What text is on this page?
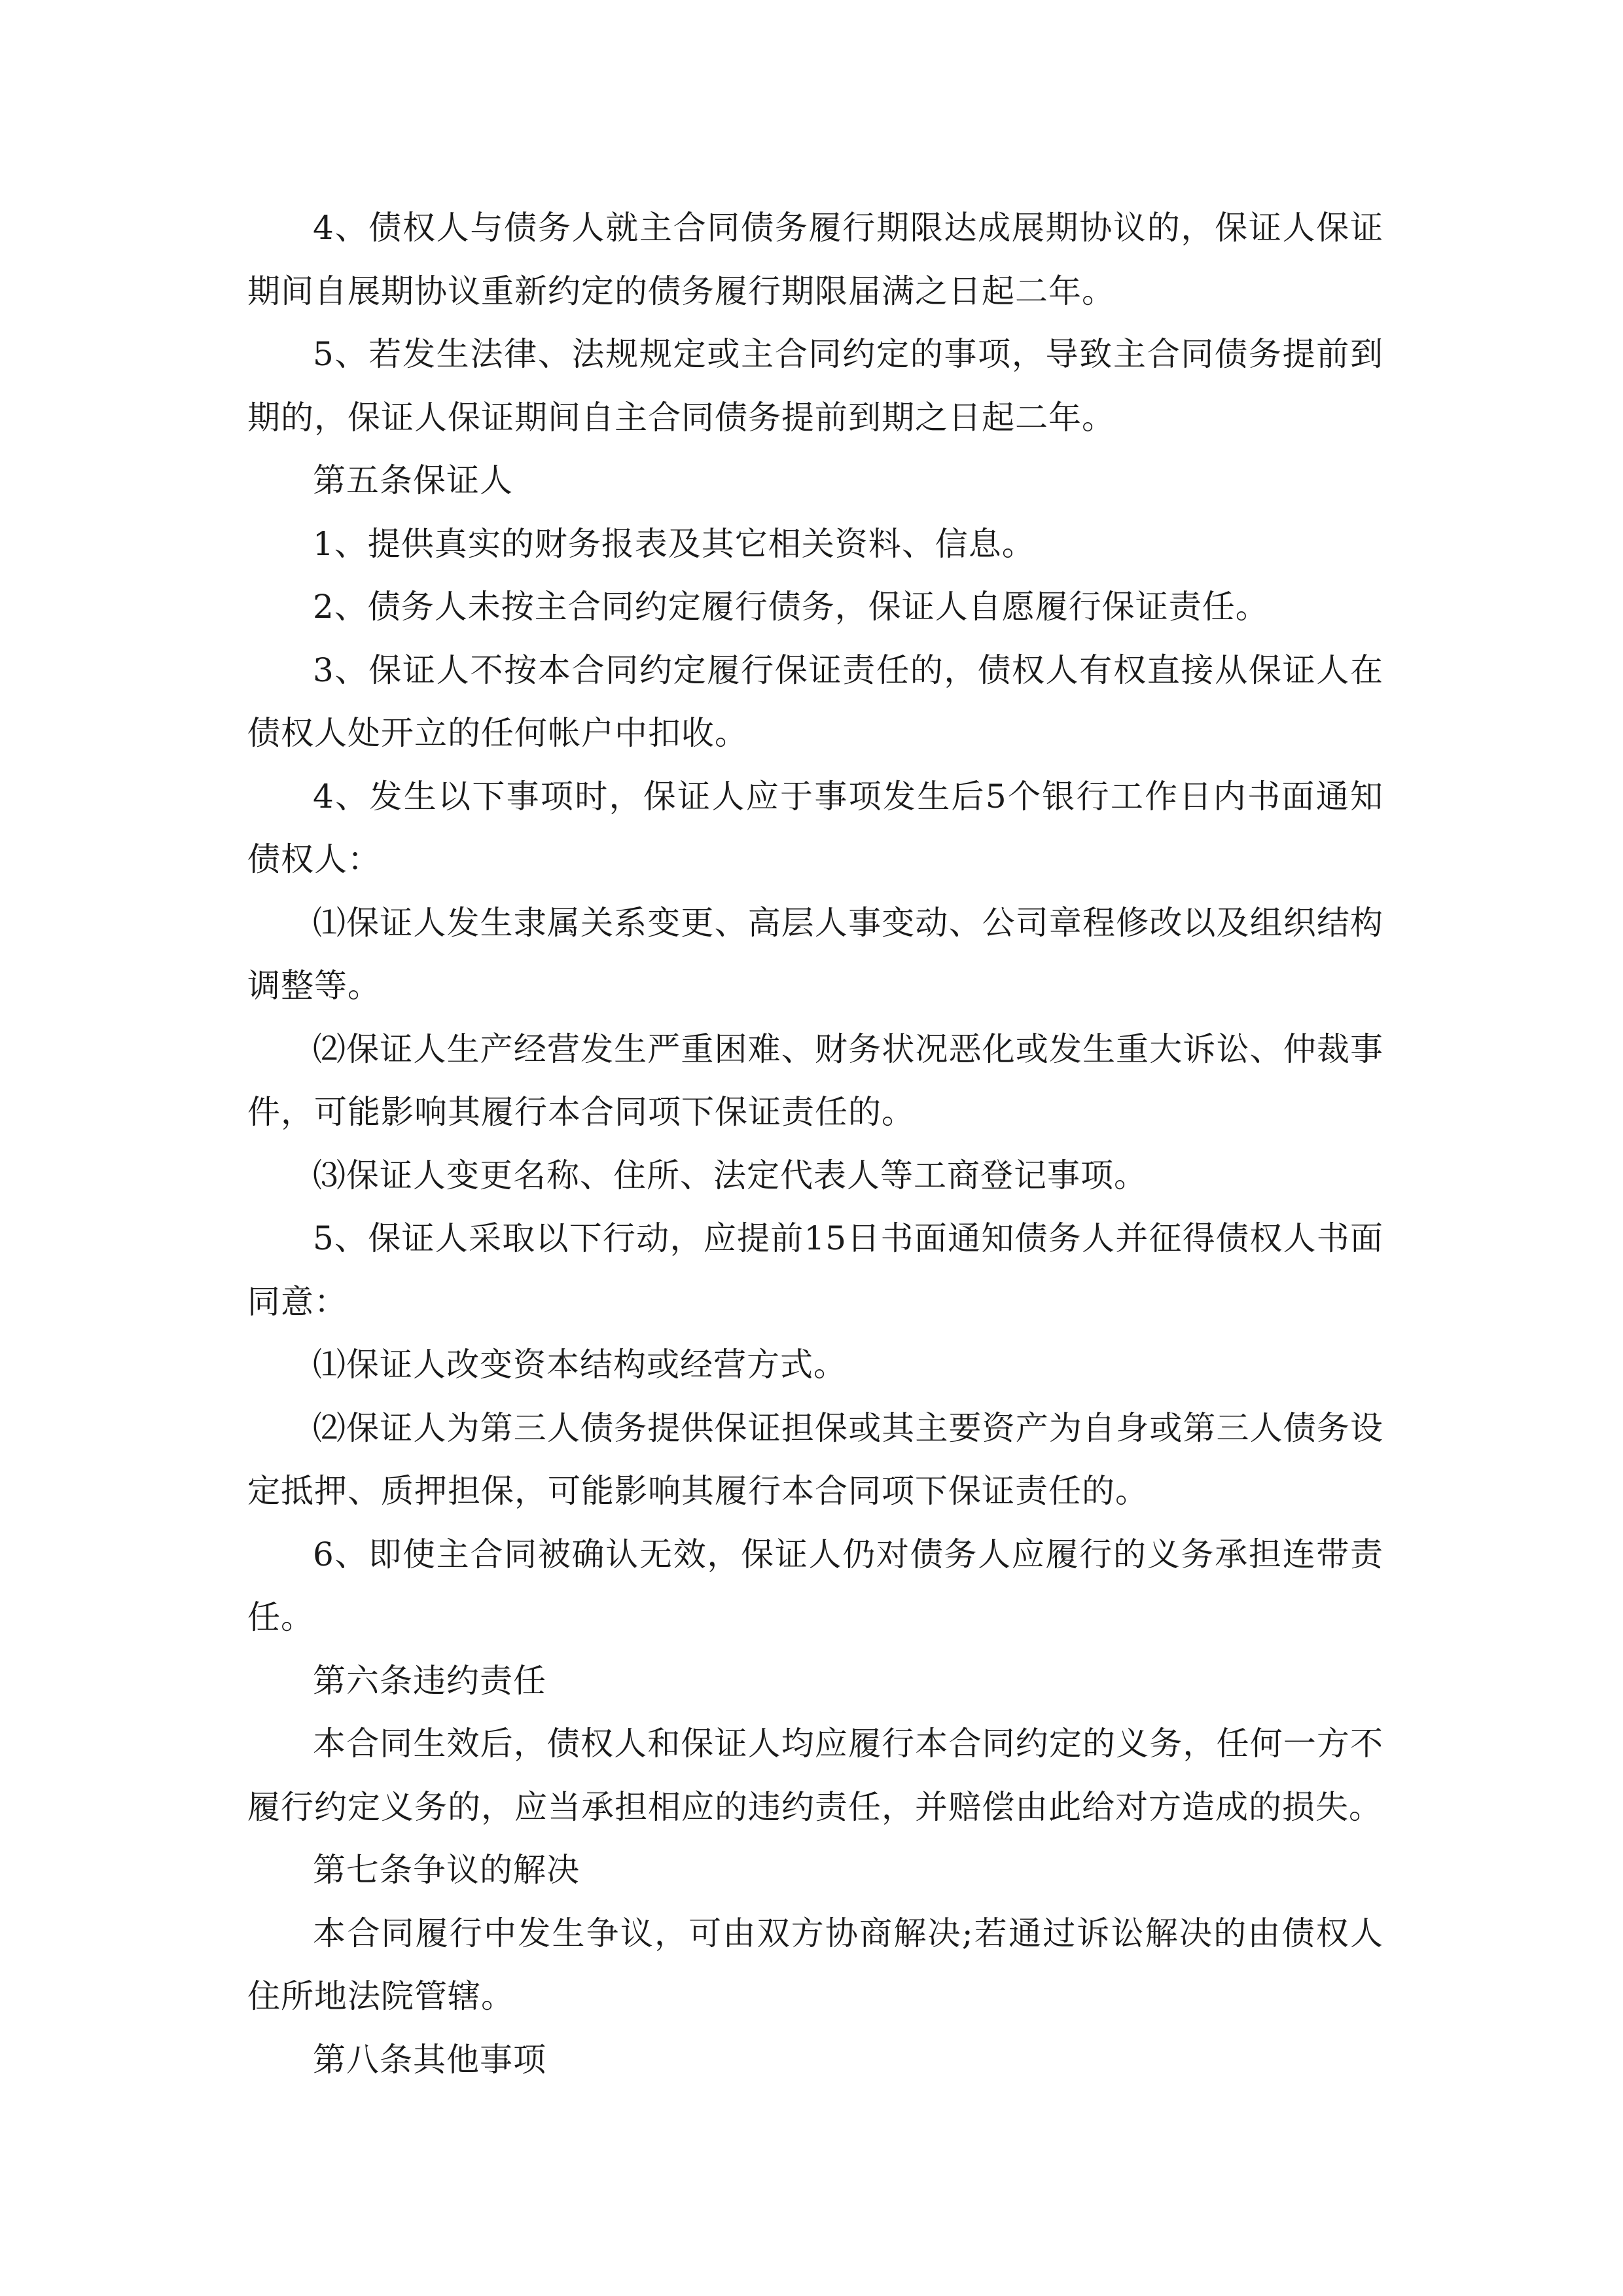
4、债权人与债务人就主合同债务履行期限达成展期协议的，保证人保证期间自展期协议重新约定的债务履行期限届满之日起二年。

5、若发生法律、法规规定或主合同约定的事项，导致主合同债务提前到期的，保证人保证期间自主合同债务提前到期之日起二年。

第五条保证人

1、提供真实的财务报表及其它相关资料、信息。

2、债务人未按主合同约定履行债务，保证人自愿履行保证责任。

3、保证人不按本合同约定履行保证责任的，债权人有权直接从保证人在债权人处开立的任何帐户中扣收。

4、发生以下事项时，保证人应于事项发生后5个银行工作日内书面通知债权人：

⑴保证人发生隶属关系变更、高层人事变动、公司章程修改以及组织结构调整等。

⑵保证人生产经营发生严重困难、财务状况恶化或发生重大诉讼、仲裁事件，可能影响其履行本合同项下保证责任的。

⑶保证人变更名称、住所、法定代表人等工商登记事项。

5、保证人采取以下行动，应提前15日书面通知债务人并征得债权人书面同意：

⑴保证人改变资本结构或经营方式。

⑵保证人为第三人债务提供保证担保或其主要资产为自身或第三人债务设定抵押、质押担保，可能影响其履行本合同项下保证责任的。

6、即使主合同被确认无效，保证人仍对债务人应履行的义务承担连带责任。

第六条违约责任

本合同生效后，债权人和保证人均应履行本合同约定的义务，任何一方不履行约定义务的，应当承担相应的违约责任，并赔偿由此给对方造成的损失。

第七条争议的解决

本合同履行中发生争议，可由双方协商解决;若通过诉讼解决的由债权人住所地法院管辖。

第八条其他事项
